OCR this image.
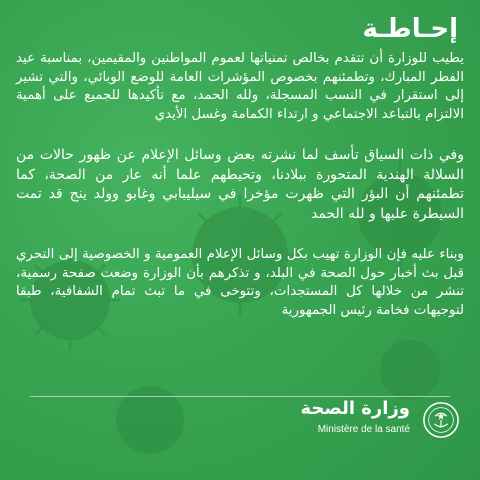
إحـاطـة

يطيب للوزارة أن تتقدم بخالص تمنياتها لعموم المواطنين والمقيمين، بمناسبة عيد الفطر المبارك، وتطمئنهم بخصوص المؤشرات العامة للوضع الوبائي، والتي تشير إلى استقرار في النسب المسجلة، ولله الحمد، مع تأكيدها للجميع على أهمية الالتزام بالتباعد الاجتماعي و ارتداء الكمامة وغسل الأيدي

وفي ذات السياق تأسف لما نشرته بعض وسائل الإعلام عن ظهور حالات من السلالة الهندية المتحورة ببلادنا، وتحيطهم علما أنه عار من الصحة، كما تطمئنهم أن البؤر التي ظهرت مؤخرا في سيليبابي وغابو وولد ينج قد تمت السيطرة عليها و لله الحمد

وبناء عليه فإن الوزارة تهيب بكل وسائل الإعلام العمومية و الخصوصية إلى التحري قبل بث أخبار حول الصحة في البلد، و تذكرهم بأن الوزارة وضعت صفحة رسمية، تنشر من خلالها كل المستجدات، وتتوخى في ما تبث تمام الشفافية، طبقا لتوجيهات فخامة رئيس الجمهورية

وزارة الصحة
Ministère de la santé
